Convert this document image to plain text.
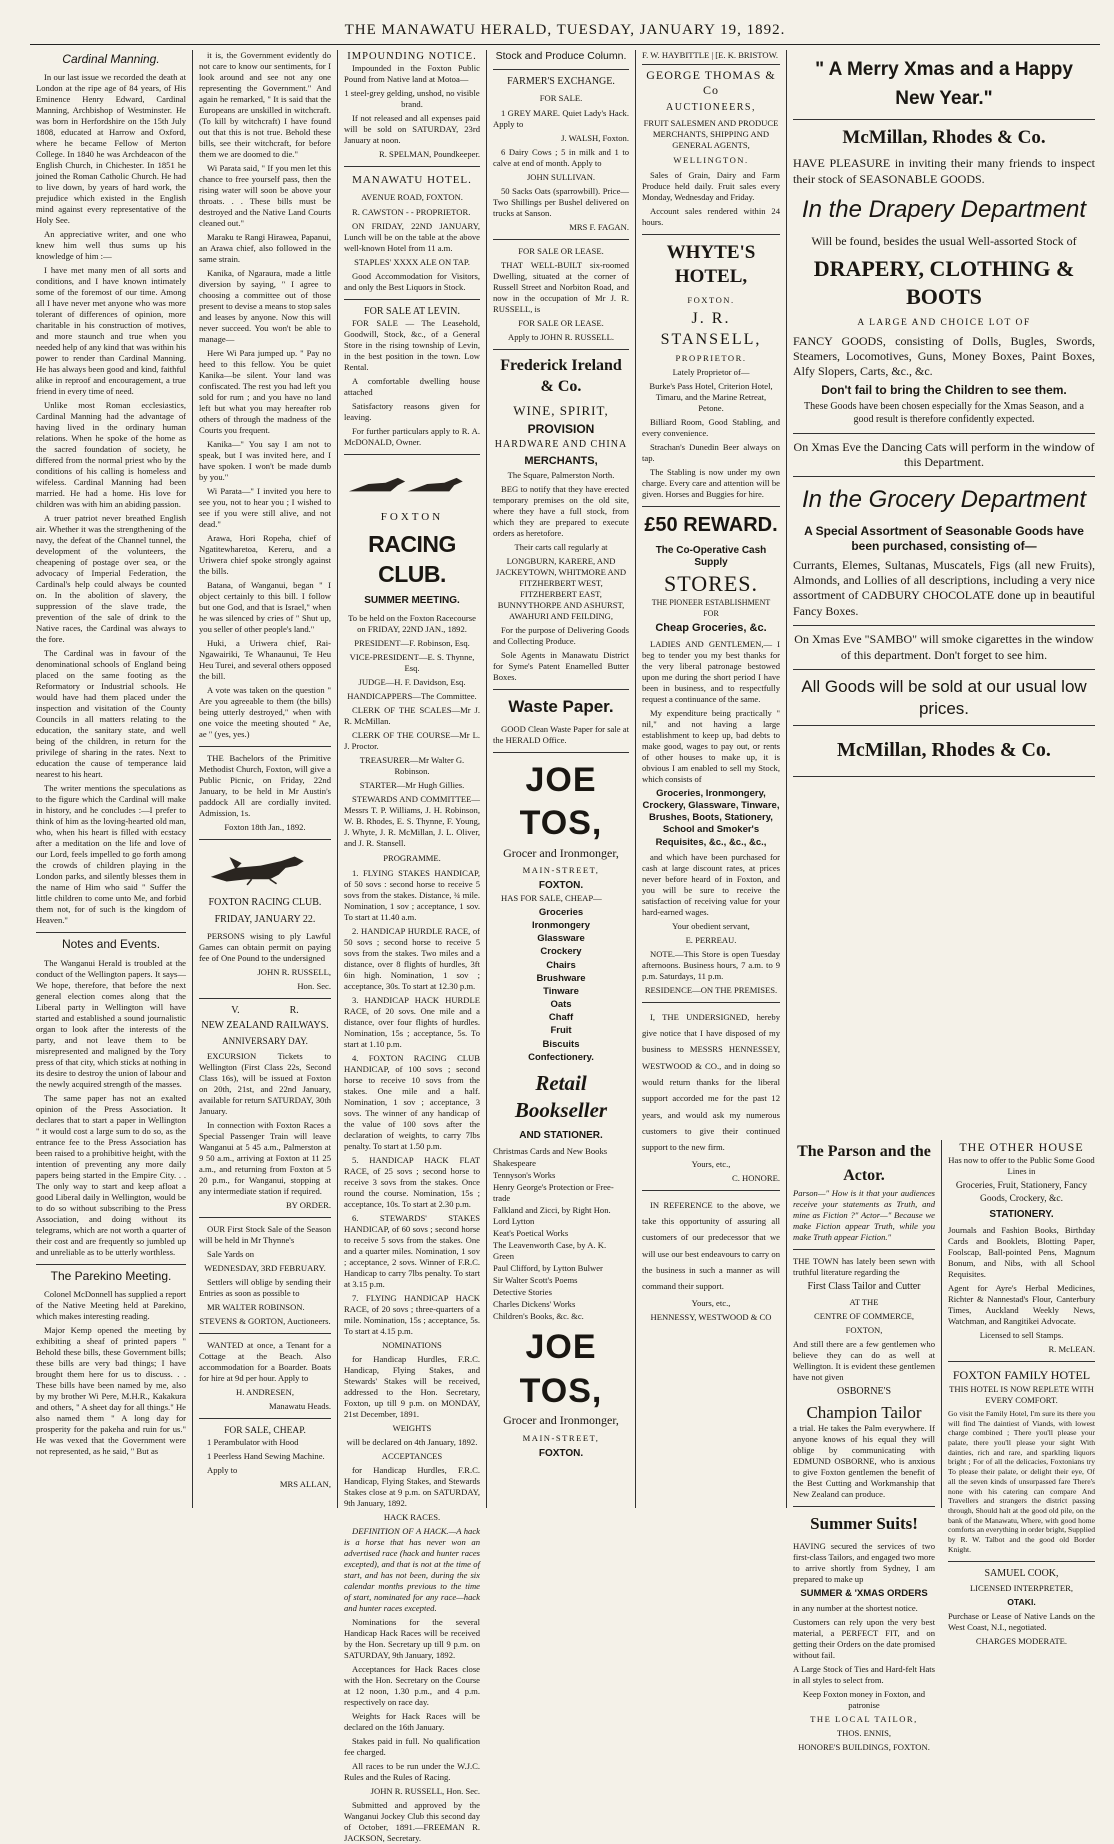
THE MANAWATU HERALD, TUESDAY, JANUARY 19, 1892.
Cardinal Manning.

In our last issue we recorded the death at London at the ripe age of 84 years, of His Eminence Henry Edward, Cardinal Manning, Archbishop of Westminster. He was born in Herfordshire on the 15th July 1808, educated at Harrow and Oxford, where he became Fellow of Merton College. In 1840 he was Archdeacon of the English Church, in Chichester. In 1851 he joined the Roman Catholic Church. He had to live down, by years of hard work, the prejudice which existed in the English mind against every representative of the Holy See.

An appreciative writer, and one who knew him well thus sums up his knowledge of him :—

I have met many men of all sorts and conditions, and I have known intimately some of the foremost of our time. Among all I have never met anyone who was more tolerant of differences of opinion, more charitable in his construction of motives, and more staunch and true when you needed help of any kind that was within his power to render than Cardinal Manning. He has always been good and kind, faithful alike in reproof and encouragement, a true friend in every time of need.

Unlike most Roman ecclesiastics, Cardinal Manning had the advantage of having lived in the ordinary human relations. When he spoke of the home as the sacred foundation of society, he differed from the normal priest who by the conditions of his calling is homeless and wifeless. Cardinal Manning had been married. He had a home. His love for children was with him an abiding passion.

A truer patriot never breathed English air. Whether it was the strengthening of the navy, the defeat of the Channel tunnel, the development of the volunteers, the cheapening of postage over sea, or the advocacy of Imperial Federation, the Cardinal's help could always be counted on. In the abolition of slavery, the suppression of the slave trade, the prevention of the sale of drink to the Native races, the Cardinal was always to the fore.

The Cardinal was in favour of the denominational schools of England being placed on the same footing as the Reformatory or Industrial schools. He would have had them placed under the inspection and visitation of the County Councils in all matters relating to the education, the sanitary state, and well being of the children, in return for the privilege of sharing in the rates. Next to education the cause of temperance laid nearest to his heart.

The writer mentions the speculations as to the figure which the Cardinal will make in history, and he concludes :—I prefer to think of him as the loving-hearted old man, who, when his heart is filled with ecstacy after a meditation on the life and love of our Lord, feels impelled to go forth among the crowds of children playing in the London parks, and silently blesses them in the name of Him who said " Suffer the little children to come unto Me, and forbid them not, for of such is the kingdom of Heaven."

Notes and Events.

The Wanganui Herald is troubled at the conduct of the Wellington papers. It says—We hope, therefore, that before the next general election comes along that the Liberal party in Wellington will have started and established a sound journalistic organ to look after the interests of the party, and not leave them to be misrepresented and maligned by the Tory press of that city, which sticks at nothing in its desire to destroy the union of labour and the newly acquired strength of the masses.

The same paper has not an exalted opinion of the Press Association. It declares that to start a paper in Wellington " it would cost a large sum to do so, as the entrance fee to the Press Association has been raised to a prohibitive height, with the intention of preventing any more daily papers being started in the Empire City. . . The only way to start and keep afloat a good Liberal daily in Wellington, would be to do so without subscribing to the Press Association, and doing without its telegrams, which are not worth a quarter of their cost and are frequently so jumbled up and unreliable as to be utterly worthless.

The Parekino Meeting.

Colonel McDonnell has supplied a report of the Native Meeting held at Parekino, which makes interesting reading.

Major Kemp opened the meeting by exhibiting a sheaf of printed papers " Behold these bills, these Government bills; these bills are very bad things; I have brought them here for us to discuss. . . These bills have been named by me, also by my brother Wi Pere, M.H.R., Kakakura and others, " A sheet day for all things." He also named them " A long day for prosperity for the pakeha and ruin for us." He was vexed that the Government were not represented, as he said, " But as

it is, the Government evidently do not care to know our sentiments, for I look around and see not any one representing the Government." And again he remarked, " It is said that the Europeans are unskilled in witchcraft. (To kill by witchcraft) I have found out that this is not true. Behold these bills, see their witchcraft, for before them we are doomed to die."

Wi Parata said, " If you men let this chance to free yourself pass, then the rising water will soon be above your throats. . . These bills must be destroyed and the Native Land Courts cleaned out."

Maraku te Rangi Hirawea, Papanui, an Arawa chief, also followed in the same strain.

Kanika, of Ngaraura, made a little diversion by saying, " I agree to choosing a committee out of those present to devise a means to stop sales and leases by anyone. Now this will never succeed. You won't be able to manage—

Here Wi Para jumped up. " Pay no heed to this fellow. You be quiet Kanika—be silent. Your land was confiscated. The rest you had left you sold for rum ; and you have no land left but what you may hereafter rob others of through the madness of the Courts you frequent.

Kanika—" You say I am not to speak, but I was invited here, and I have spoken. I won't be made dumb by you."

Wi Parata—" I invited you here to see you, not to hear you ; I wished to see if you were still alive, and not dead."

Arawa, Hori Ropeha, chief of Ngatitewharetoa, Kereru, and a Uriwera chief spoke strongly against the bills.

Batana, of Wanganui, began " I object certainly to this bill. I follow but one God, and that is Israel," when he was silenced by cries of " Shut up, you seller of other people's land."

Huki, a Uriwera chief, Rai-Ngawairiki, Te Whanaunui, Te Heu Heu Turei, and several others opposed the bill.

A vote was taken on the question " Are you agreeable to them (the bills) being utterly destroyed," when with one voice the meeting shouted " Ae, ae " (yes, yes.)

THE Bachelors of the Primitive Methodist Church, Foxton, will give a Public Picnic, on Friday, 22nd January, to be held in Mr Austin's paddock All are cordially invited. Admission, 1s.

Foxton 18th Jan., 1892.

FOXTON RACING CLUB.
FRIDAY, JANUARY 22.

PERSONS wising to ply Lawful Games can obtain permit on paying fee of One Pound to the undersigned

JOHN R. RUSSELL,

Hon. Sec.

V.                    R.
NEW ZEALAND RAILWAYS.
ANNIVERSARY DAY.

EXCURSION Tickets to Wellington (First Class 22s, Second Class 16s), will be issued at Foxton on 20th, 21st, and 22nd January, available for return SATURDAY, 30th January.

In connection with Foxton Races a Special Passenger Train will leave Wanganui at 5 45 a.m., Palmerston at 9 50 a.m., arriving at Foxton at 11 25 a.m., and returning from Foxton at 5 20 p.m., for Wanganui, stopping at any intermediate station if required.

BY ORDER.

OUR First Stock Sale of the Season will be held in Mr Thynne's

Sale Yards on

WEDNESDAY, 3RD FEBRUARY.

Settlers will oblige by sending their Entries as soon as possible to

MR WALTER ROBINSON.

STEVENS & GORTON, Auctioneers.

WANTED at once, a Tenant for a Cottage at the Beach. Also accommodation for a Boarder. Boats for hire at 9d per hour. Apply to

H. ANDRESEN,

Manawatu Heads.

FOR SALE, CHEAP.

1 Perambulator with Hood

1 Peerless Hand Sewing Machine.

Apply to

MRS ALLAN,

IMPOUNDING NOTICE.

Impounded in the Foxton Public Pound from Native land at Motoa—

1 steel-grey gelding, unshod, no visible brand.

If not released and all expenses paid will be sold on SATURDAY, 23rd January at noon.

R. SPELMAN, Poundkeeper.

MANAWATU HOTEL.
AVENUE ROAD, FOXTON.

R. CAWSTON - - PROPRIETOR.

ON FRIDAY, 22ND JANUARY, Lunch will be on the table at the above well-known Hotel from 11 a.m.

STAPLES' XXXX ALE ON TAP.

Good Accommodation for Visitors, and only the Best Liquors in Stock.

FOR SALE AT LEVIN.

FOR SALE — The Leasehold, Goodwill, Stock, &c., of a General Store in the rising township of Levin, in the best position in the town. Low Rental.

A comfortable dwelling house attached

Satisfactory reasons given for leaving.

For further particulars apply to R. A. McDONALD, Owner.

FOXTON
RACING CLUB.
SUMMER MEETING.

To be held on the Foxton Racecourse on FRIDAY, 22ND JAN., 1892.

PRESIDENT—F. Robinson, Esq.

VICE-PRESIDENT—E. S. Thynne, Esq.

JUDGE—H. F. Davidson, Esq.

HANDICAPPERS—The Committee.

CLERK OF THE SCALES—Mr J. R. McMillan.

CLERK OF THE COURSE—Mr L. J. Proctor.

TREASURER—Mr Walter G. Robinson.

STARTER—Mr Hugh Gillies.

STEWARDS AND COMMITTEE—Messrs T. P. Williams, J. H. Robinson, W. B. Rhodes, E. S. Thynne, F. Young, J. Whyte, J. R. McMillan, J. L. Oliver, and J. R. Stansell.

PROGRAMME.

1. FLYING STAKES HANDICAP, of 50 sovs : second horse to receive 5 sovs from the stakes. Distance, ¾ mile. Nomination, 1 sov ; acceptance, 1 sov. To start at 11.40 a.m.

2. HANDICAP HURDLE RACE, of 50 sovs ; second horse to receive 5 sovs from the stakes. Two miles and a distance, over 8 flights of hurdles, 3ft 6in high. Nomination, 1 sov ; acceptance, 30s. To start at 12.30 p.m.

3. HANDICAP HACK HURDLE RACE, of 20 sovs. One mile and a distance, over four flights of hurdles. Nomination, 15s ; acceptance, 5s. To start at 1.10 p.m.

4. FOXTON RACING CLUB HANDICAP, of 100 sovs ; second horse to receive 10 sovs from the stakes. One mile and a half. Nomination, 1 sov ; acceptance, 3 sovs. The winner of any handicap of the value of 100 sovs after the declaration of weights, to carry 7lbs penalty. To start at 1.50 p.m.

5. HANDICAP HACK FLAT RACE, of 25 sovs ; second horse to receive 3 sovs from the stakes. Once round the course. Nomination, 15s ; acceptance, 10s. To start at 2.30 p.m.

6. STEWARDS' STAKES HANDICAP, of 60 sovs ; second horse to receive 5 sovs from the stakes. One and a quarter miles. Nomination, 1 sov ; acceptance, 2 sovs. Winner of F.R.C. Handicap to carry 7lbs penalty. To start at 3.15 p.m.

7. FLYING HANDICAP HACK RACE, of 20 sovs ; three-quarters of a mile. Nomination, 15s ; acceptance, 5s. To start at 4.15 p.m.

NOMINATIONS

for Handicap Hurdles, F.R.C. Handicap, Flying Stakes, and Stewards' Stakes will be received, addressed to the Hon. Secretary, Foxton, up till 9 p.m. on MONDAY, 21st December, 1891.

WEIGHTS

will be declared on 4th January, 1892.

ACCEPTANCES

for Handicap Hurdles, F.R.C. Handicap, Flying Stakes, and Stewards Stakes close at 9 p.m. on SATURDAY, 9th January, 1892.

HACK RACES.

DEFINITION OF A HACK.—A hack is a horse that has never won an advertised race (hack and hunter races excepted), and that is not at the time of start, and has not been, during the six calendar months previous to the time of start, nominated for any race—hack and hunter races excepted.

Nominations for the several Handicap Hack Races will be received by the Hon. Secretary up till 9 p.m. on SATURDAY, 9th January, 1892.

Acceptances for Hack Races close with the Hon. Secretary on the Course at 12 noon, 1.30 p.m., and 4 p.m. respectively on race day.

Weights for Hack Races will be declared on the 16th January.

Stakes paid in full. No qualification fee charged.

All races to be run under the W.J.C. Rules and the Rules of Racing.

JOHN R. RUSSELL, Hon. Sec.

Submitted and approved by the Wanganui Jockey Club this second day of October, 1891.—FREEMAN R. JACKSON, Secretary.

Stock and Produce Column.
FARMER'S EXCHANGE.
FOR SALE.

1 GREY MARE. Quiet Lady's Hack. Apply to

J. WALSH, Foxton.

6 Dairy Cows ; 5 in milk and 1 to calve at end of month. Apply to

JOHN SULLIVAN.

50 Sacks Oats (sparrowbill). Price—Two Shillings per Bushel delivered on trucks at Sanson.

MRS F. FAGAN.

FOR SALE OR LEASE.

THAT WELL-BUILT six-roomed Dwelling, situated at the corner of Russell Street and Norbiton Road, and now in the occupation of Mr J. R. RUSSELL, is

FOR SALE OR LEASE.

Apply to JOHN R. RUSSELL.

Frederick Ireland & Co.
WINE, SPIRIT,
PROVISION
HARDWARE AND CHINA
MERCHANTS,

The Square, Palmerston North.

BEG to notify that they have erected temporary premises on the old site, where they have a full stock, from which they are prepared to execute orders as heretofore.

Their carts call regularly at

LONGBURN, KARERE, AND JACKEYTOWN, WHITMORE AND FITZHERBERT WEST, FITZHERBERT EAST, BUNNYTHORPE AND ASHURST, AWAHURI AND FEILDING,

For the purpose of Delivering Goods and Collecting Produce.

Sole Agents in Manawatu District for Syme's Patent Enamelled Butter Boxes.

Waste Paper.

GOOD Clean Waste Paper for sale at the HERALD Office.

JOE TOS,
Grocer and Ironmonger,
MAIN-STREET,
FOXTON.

HAS FOR SALE, CHEAP—

Groceries
Ironmongery
Glassware
Crockery
Chairs
Brushware
Tinware
Oats
Chaff
Fruit
Biscuits
Confectionery.
Retail Bookseller
AND STATIONER.
Christmas Cards and New Books
Shakespeare
Tennyson's Works
Henry George's Protection or Free-trade
Falkland and Zicci, by Right Hon. Lord Lytton
Keat's Poetical Works
The Leavenworth Case, by A. K. Green
Paul Clifford, by Lytton Bulwer
Sir Walter Scott's Poems
Detective Stories
Charles Dickens' Works
Children's Books, &c. &c.
JOE TOS,
Grocer and Ironmonger,
MAIN-STREET,
FOXTON.
F. W. HAYBITTLE | [E. K. BRISTOW.
GEORGE THOMAS & Co
AUCTIONEERS,

FRUIT SALESMEN AND PRODUCE MERCHANTS, SHIPPING AND GENERAL AGENTS,

WELLINGTON.

Sales of Grain, Dairy and Farm Produce held daily. Fruit sales every Monday, Wednesday and Friday.

Account sales rendered within 24 hours.

WHYTE'S HOTEL,
FOXTON.
J. R. STANSELL,
PROPRIETOR.

Lately Proprietor of—

Burke's Pass Hotel, Criterion Hotel, Timaru, and the Marine Retreat, Petone.

Billiard Room, Good Stabling, and every convenience.

Strachan's Dunedin Beer always on tap.

The Stabling is now under my own charge. Every care and attention will be given. Horses and Buggies for hire.

£50 REWARD.
The Co-Operative Cash Supply
STORES.
THE PIONEER ESTABLISHMENT
FOR
Cheap Groceries, &c.

LADIES AND GENTLEMEN,— I beg to tender you my best thanks for the very liberal patronage bestowed upon me during the short period I have been in business, and to respectfully request a continuance of the same.

My expenditure being practically " nil," and not having a large establishment to keep up, bad debts to make good, wages to pay out, or rents of other houses to make up, it is obvious I am enabled to sell my Stock, which consists of

Groceries, Ironmongery, Crockery, Glassware, Tinware, Brushes, Boots, Stationery, School and Smoker's Requisites, &c., &c., &c.,

and which have been purchased for cash at large discount rates, at prices never before heard of in Foxton, and you will be sure to receive the satisfaction of receiving value for your hard-earned wages.

Your obedient servant,

E. PERREAU.

NOTE.—This Store is open Tuesday afternoons. Business hours, 7 a.m. to 9 p.m. Saturdays, 11 p.m.

RESIDENCE—ON THE PREMISES.

I, THE UNDERSIGNED, hereby give notice that I have disposed of my business to MESSRS HENNESSEY, WESTWOOD & CO., and in doing so would return thanks for the liberal support accorded me for the past 12 years, and would ask my numerous customers to give their continued support to the new firm.

Yours, etc.,

C. HONORE.

IN REFERENCE to the above, we take this opportunity of assuring all customers of our predecessor that we will use our best endeavours to carry on the business in such a manner as will command their support.

Yours, etc.,

HENNESSY, WESTWOOD & CO

" A Merry Xmas and a Happy New Year."
McMillan, Rhodes & Co.

HAVE PLEASURE in inviting their many friends to inspect their stock of SEASONABLE GOODS.

In the Drapery Department

Will be found, besides the usual Well-assorted Stock of

DRAPERY, CLOTHING & BOOTS
A LARGE AND CHOICE LOT OF

FANCY GOODS, consisting of Dolls, Bugles, Swords, Steamers, Locomotives, Guns, Money Boxes, Paint Boxes, Alfy Slopers, Carts, &c., &c.

Don't fail to bring the Children to see them.

These Goods have been chosen especially for the Xmas Season, and a good result is therefore confidently expected.

On Xmas Eve the Dancing Cats will perform in the window of this Department.

In the Grocery Department

A Special Assortment of Seasonable Goods have been purchased, consisting of—

Currants, Elemes, Sultanas, Muscatels, Figs (all new Fruits), Almonds, and Lollies of all descriptions, including a very nice assortment of CADBURY CHOCOLATE done up in beautiful Fancy Boxes.

On Xmas Eve "SAMBO" will smoke cigarettes in the window of this department. Don't forget to see him.

All Goods will be sold at our usual low prices.
McMillan, Rhodes & Co.
The Parson and the Actor.

Parson—" How is it that your audiences receive your statements as Truth, and mine as Fiction ?" Actor—" Because we make Fiction appear Truth, while you make Truth appear Fiction."

THE TOWN has lately been sewn with truthful literature regarding the

First Class Tailor and Cutter

AT THE

CENTRE OF COMMERCE,

FOXTON,

And still there are a few gentlemen who believe they can do as well at Wellington. It is evident these gentlemen have not given

OSBORNE'S

Champion Tailor

a trial. He takes the Palm everywhere. If anyone knows of his equal they will oblige by communicating with EDMUND OSBORNE, who is anxious to give Foxton gentlemen the benefit of the Best Cutting and Workmanship that New Zealand can produce.

Summer Suits!

HAVING secured the services of two first-class Tailors, and engaged two more to arrive shortly from Sydney, I am prepared to make up

SUMMER & 'XMAS ORDERS

in any number at the shortest notice.

Customers can rely upon the very best material, a PERFECT FIT, and on getting their Orders on the date promised without fail.

A Large Stock of Ties and Hard-felt Hats in all styles to select from.

Keep Foxton money in Foxton, and patronise

THE LOCAL TAILOR,

THOS. ENNIS,

HONORE'S BUILDINGS, FOXTON.

THE OTHER HOUSE

Has now to offer to the Public Some Good Lines in

Groceries, Fruit, Stationery, Fancy Goods, Crockery, &c.

STATIONERY.

Journals and Fashion Books, Birthday Cards and Booklets, Blotting Paper, Foolscap, Ball-pointed Pens, Magnum Bonum, and Nibs, with all School Requisites.

Agent for Ayre's Herbal Medicines, Richter & Nannestad's Flour, Canterbury Times, Auckland Weekly News, Watchman, and Rangitikei Advocate.

Licensed to sell Stamps.

R. McLEAN.

FOXTON FAMILY HOTEL

THIS HOTEL IS NOW REPLETE WITH EVERY COMFORT.

Go visit the Family Hotel, I'm sure its there you will find The daintiest of Viands, with lowest charge combined ; There you'll please your palate, there you'll please your sight With dainties, rich and rare, and sparkling liquors bright ; For of all the delicacies, Foxtonians try To please their palate, or delight their eye, Of all the seven kinds of unsurpassed fare There's none with his catering can compare And Travellers and strangers the district passing through, Should halt at the good old pile, on the bank of the Manawatu, Where, with good home comforts an everything in order bright, Supplied by R. W. Talbot and the good old Border Knight.

SAMUEL COOK,

LICENSED INTERPRETER,

OTAKI.

Purchase or Lease of Native Lands on the West Coast, N.I., negotiated.

CHARGES MODERATE.
